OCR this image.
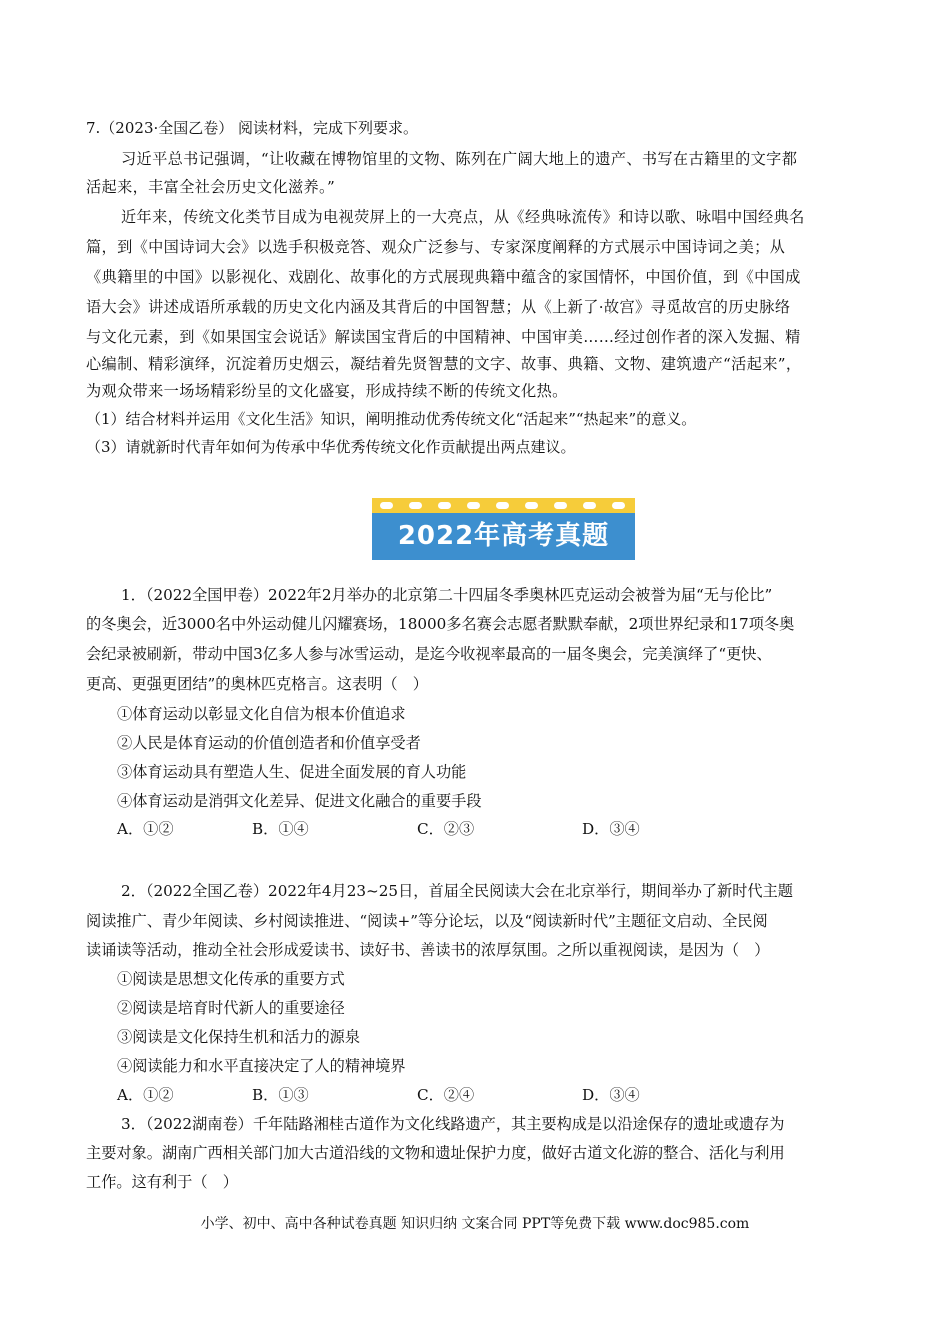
7.（2023·全国乙卷） 阅读材料，完成下列要求。
习近平总书记强调，“让收藏在博物馆里的文物、陈列在广阔大地上的遗产、书写在古籍里的文字都
活起来，丰富全社会历史文化滋养。”
近年来，传统文化类节目成为电视荧屏上的一大亮点，从《经典咏流传》和诗以歌、咏唱中国经典名
篇，到《中国诗词大会》以选手积极竞答、观众广泛参与、专家深度阐释的方式展示中国诗词之美；从
《典籍里的中国》以影视化、戏剧化、故事化的方式展现典籍中蕴含的家国情怀，中国价值，到《中国成
语大会》讲述成语所承载的历史文化内涵及其背后的中国智慧；从《上新了·故宫》寻觅故宫的历史脉络
与文化元素，到《如果国宝会说话》解读国宝背后的中国精神、中国审美……经过创作者的深入发掘、精
心编制、精彩演绎，沉淀着历史烟云，凝结着先贤智慧的文字、故事、典籍、文物、建筑遗产“活起来”，
为观众带来一场场精彩纷呈的文化盛宴，形成持续不断的传统文化热。
（1）结合材料并运用《文化生活》知识，阐明推动优秀传统文化“活起来”“热起来”的意义。
（3）请就新时代青年如何为传承中华优秀传统文化作贡献提出两点建议。
2022年高考真题
1．（2022全国甲卷）2022年2月举办的北京第二十四届冬季奥林匹克运动会被誉为届“无与伦比”
的冬奥会，近3000名中外运动健儿闪耀赛场，18000多名赛会志愿者默默奉献，2项世界纪录和17项冬奥
会纪录被刷新，带动中国3亿多人参与冰雪运动，是迄今收视率最高的一届冬奥会，完美演绎了“更快、
更高、更强更团结”的奥林匹克格言。这表明（　）
①体育运动以彰显文化自信为根本价值追求
②人民是体育运动的价值创造者和价值享受者
③体育运动具有塑造人生、促进全面发展的育人功能
④体育运动是消弭文化差异、促进文化融合的重要手段
A．①②	B．①④	C．②③	D．③④
2．（2022全国乙卷）2022年4月23~25日，首届全民阅读大会在北京举行，期间举办了新时代主题
阅读推广、青少年阅读、乡村阅读推进、“阅读+”等分论坛，以及“阅读新时代”主题征文启动、全民阅
读诵读等活动，推动全社会形成爱读书、读好书、善读书的浓厚氛围。之所以重视阅读，是因为（　）
①阅读是思想文化传承的重要方式
②阅读是培育时代新人的重要途径
③阅读是文化保持生机和活力的源泉
④阅读能力和水平直接决定了人的精神境界
A．①②	B．①③	C．②④	D．③④
3．（2022湖南卷）千年陆路湘桂古道作为文化线路遗产，其主要构成是以沿途保存的遗址或遗存为
主要对象。湖南广西相关部门加大古道沿线的文物和遗址保护力度，做好古道文化游的整合、活化与利用
工作。这有利于（　）
小学、初中、高中各种试卷真题 知识归纳 文案合同 PPT等免费下载 www.doc985.com
